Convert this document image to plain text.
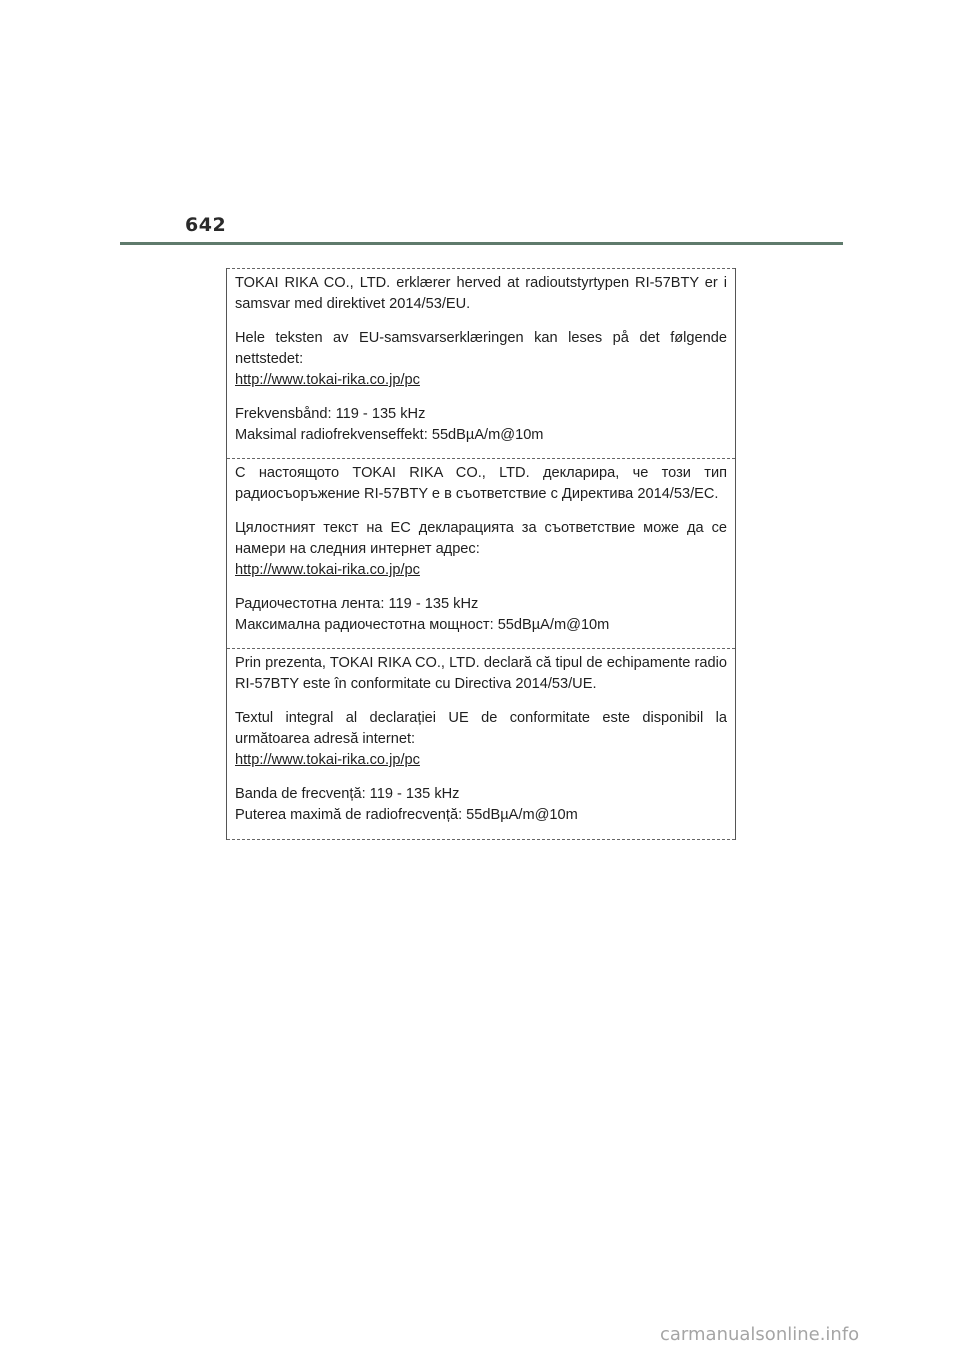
642

TOKAI RIKA CO., LTD. erklærer herved at radioutstyrtypen RI-57BTY er i samsvar med direktivet 2014/53/EU.

Hele teksten av EU-samsvarserklæringen kan leses på det følgende nettstedet:
http://www.tokai-rika.co.jp/pc

Frekvensbånd: 119 - 135 kHz
Maksimal radiofrekvenseffekt: 55dBµA/m@10m

С настоящото TOKAI RIKA CO., LTD. декларира, че този тип радиосъоръжение RI-57BTY е в съответствие с Директива 2014/53/ЕС.

Цялостният текст на ЕС декларацията за съответствие може да се намери на следния интернет адрес:
http://www.tokai-rika.co.jp/pc

Радиочестотна лента: 119 - 135 kHz
Максимална радиочестотна мощност: 55dBµA/m@10m

Prin prezenta, TOKAI RIKA CO., LTD. declară că tipul de echipamente radio RI-57BTY este în conformitate cu Directiva 2014/53/UE.

Textul integral al declarației UE de conformitate este disponibil la următoarea adresă internet:
http://www.tokai-rika.co.jp/pc

Banda de frecvență: 119 - 135 kHz
Puterea maximă de radiofrecvență: 55dBµA/m@10m

carmanualsonline.info
